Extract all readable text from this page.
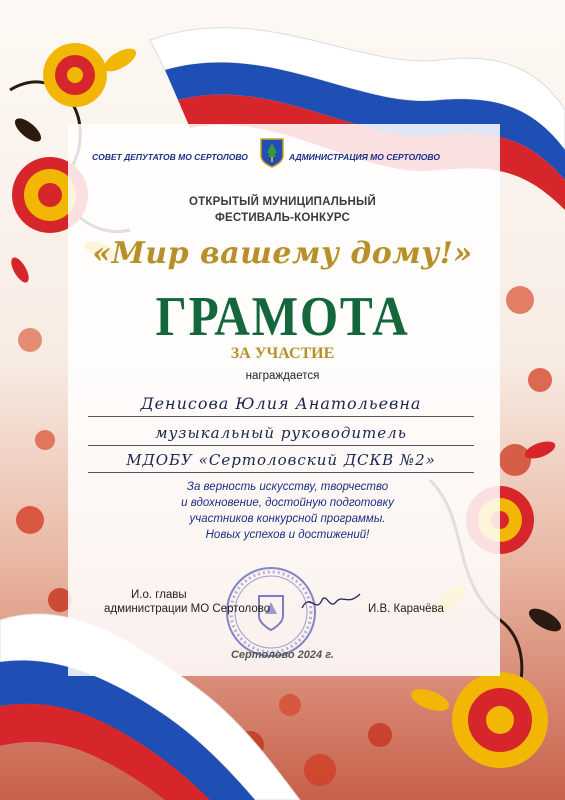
СОВЕТ ДЕПУТАТОВ МО СЕРТОЛОВО	АДМИНИСТРАЦИЯ МО СЕРТОЛОВО
ОТКРЫТЫЙ МУНИЦИПАЛЬНЫЙ
ФЕСТИВАЛЬ-КОНКУРС
«Мир вашему дому!»
ГРАМОТА
ЗА УЧАСТИЕ
награждается
Денисова Юлия Анатольевна
музыкальный руководитель
МДОБУ «Сертоловский ДСКВ №2»
За верность искусству, творчество
и вдохновение, достойную подготовку
участников конкурсной программы.
Новых успехов и достижений!
И.о. главы
администрации МО Сертолово	И.В. Карачёва
Сертолово 2024 г.
